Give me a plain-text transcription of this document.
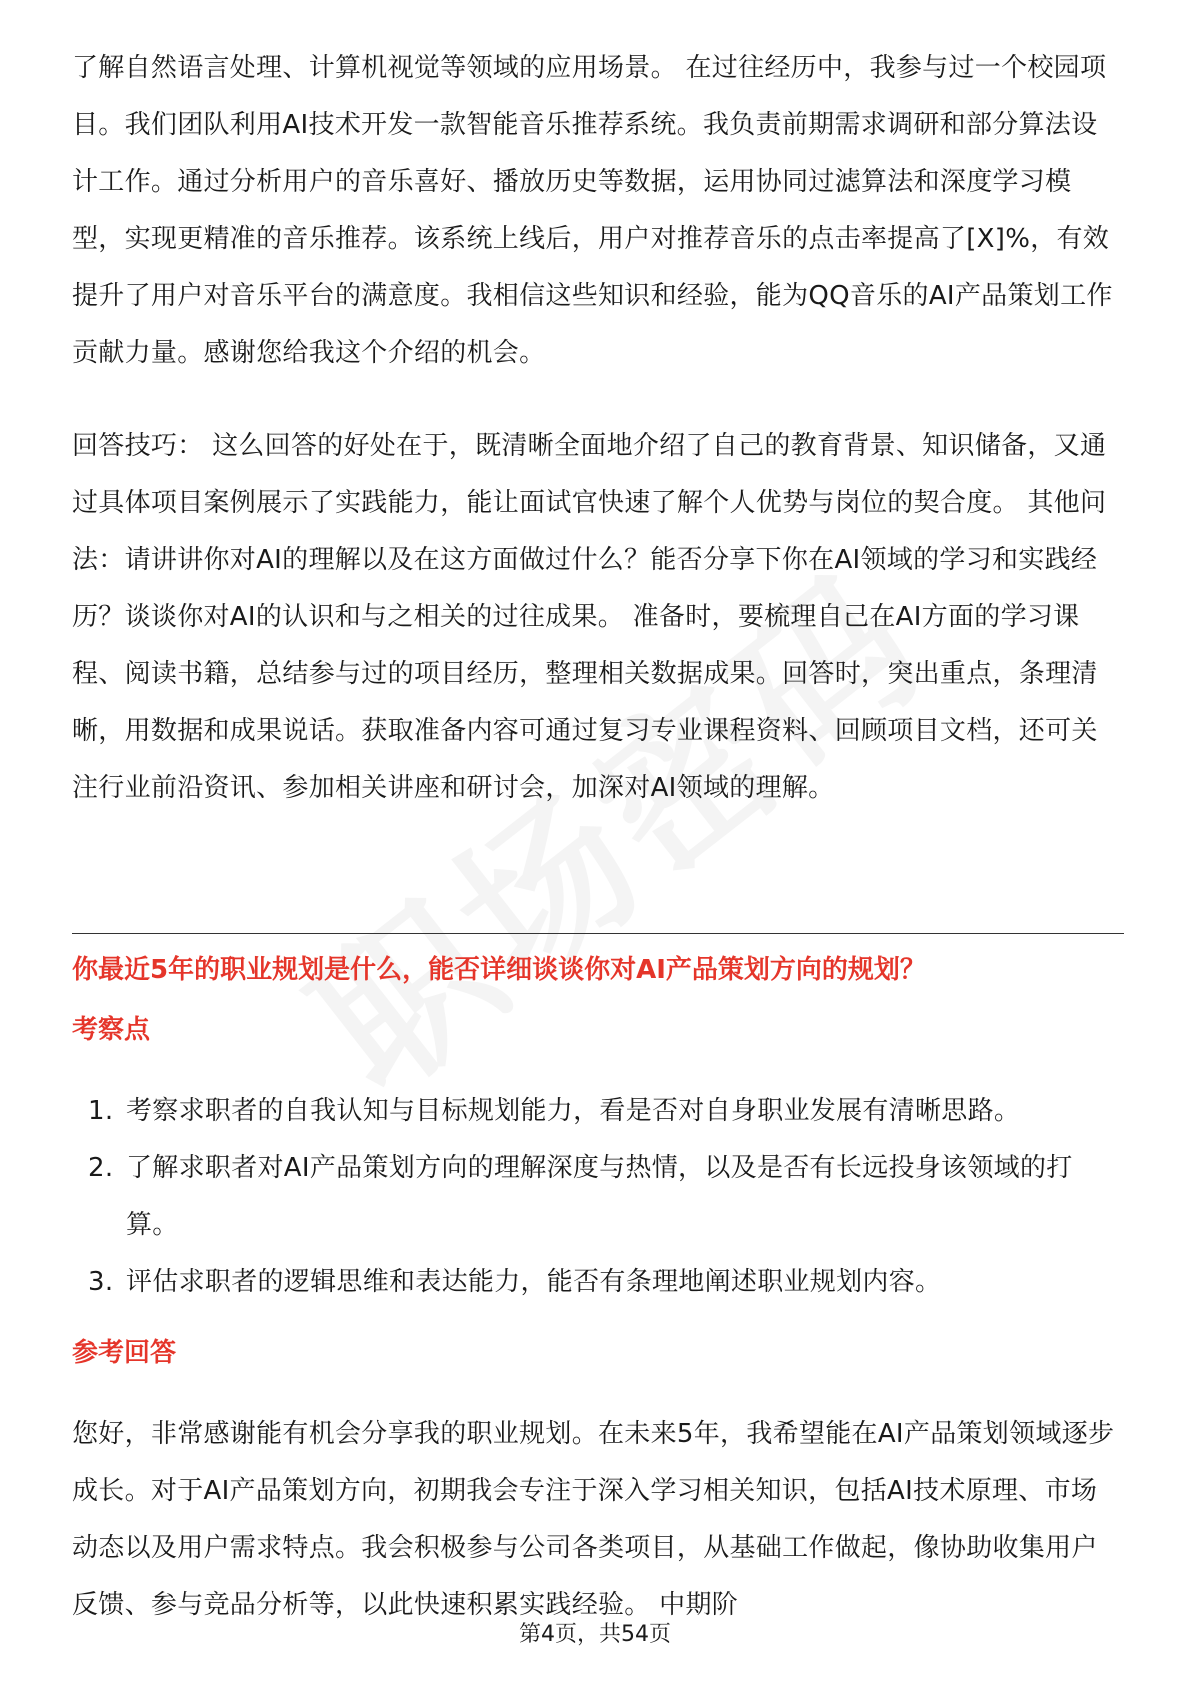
了解自然语言处理、计算机视觉等领域的应用场景。 在过往经历中，我参与过一个校园项目。我们团队利用AI技术开发一款智能音乐推荐系统。我负责前期需求调研和部分算法设计工作。通过分析用户的音乐喜好、播放历史等数据，运用协同过滤算法和深度学习模型，实现更精准的音乐推荐。该系统上线后，用户对推荐音乐的点击率提高了[X]%，有效提升了用户对音乐平台的满意度。我相信这些知识和经验，能为QQ音乐的AI产品策划工作贡献力量。感谢您给我这个介绍的机会。

回答技巧： 这么回答的好处在于，既清晰全面地介绍了自己的教育背景、知识储备，又通过具体项目案例展示了实践能力，能让面试官快速了解个人优势与岗位的契合度。 其他问法：请讲讲你对AI的理解以及在这方面做过什么？能否分享下你在AI领域的学习和实践经历？谈谈你对AI的认识和与之相关的过往成果。 准备时，要梳理自己在AI方面的学习课程、阅读书籍，总结参与过的项目经历，整理相关数据成果。回答时，突出重点，条理清晰，用数据和成果说话。获取准备内容可通过复习专业课程资料、回顾项目文档，还可关注行业前沿资讯、参加相关讲座和研讨会，加深对AI领域的理解。

你最近5年的职业规划是什么，能否详细谈谈你对AI产品策划方向的规划？
考察点
1. 考察求职者的自我认知与目标规划能力，看是否对自身职业发展有清晰思路。
2. 了解求职者对AI产品策划方向的理解深度与热情，以及是否有长远投身该领域的打算。
3. 评估求职者的逻辑思维和表达能力，能否有条理地阐述职业规划内容。
参考回答

您好，非常感谢能有机会分享我的职业规划。在未来5年，我希望能在AI产品策划领域逐步成长。对于AI产品策划方向，初期我会专注于深入学习相关知识，包括AI技术原理、市场动态以及用户需求特点。我会积极参与公司各类项目，从基础工作做起，像协助收集用户反馈、参与竞品分析等，以此快速积累实践经验。 中期阶

第4页，共54页
